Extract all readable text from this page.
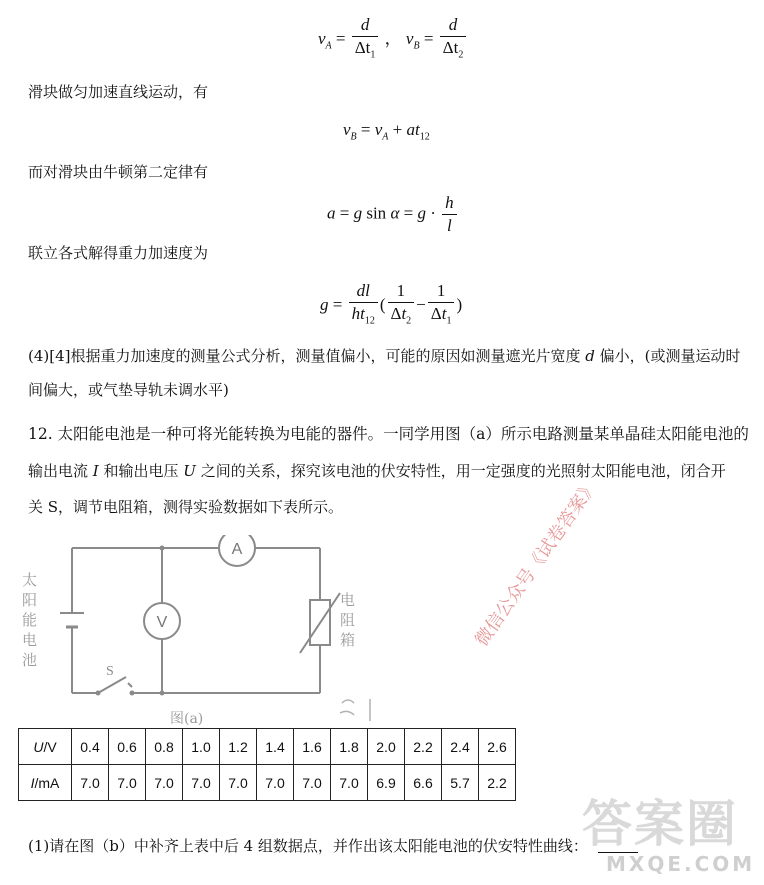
$v_A = \frac{d}{\Delta t_1}$ ， $v_B = \frac{d}{\Delta t_2}$
滑块做匀加速直线运动，有
$v_B = v_A + at_{12}$
而对滑块由牛顿第二定律有
a = g $\sin \alpha = g \cdot \frac{h}{l}$
联立各式解得重力加速度为
$g = \frac{dl}{ht_{12}}$ ( $\frac{1}{\Delta t_2} - \frac{1}{\Delta t_1}$ )
(4)[4]根据重力加速度的测量公式分析，测量值偏小，可能的原因如测量遮光片宽度 d 偏小，(或测量运动时
间偏大，或气垫导轨未调水平)
12. 太阳能电池是一种可将光能转换为电能的器件。一同学用图（a）所示电路测量某单晶硅太阳能电池的
输出电流 I 和输出电压 U 之间的关系，探究该电池的伏安特性，用一定强度的光照射太阳能电池，闭合开
关 S，调节电阻箱，测得实验数据如下表所示。
A
V
太
阳
能
电
池
电
阻
箱
S
图(a)
微信公众号《试卷答案》
U/V	0.4	0.6	0.8	1.0	1.2	1.4	1.6	1.8	2.0	2.2	2.4	2.6
I/mA	7.0	7.0	7.0	7.0	7.0	7.0	7.0	7.0	6.9	6.6	5.7	2.2
(1)请在图（b）中补齐上表中后 4 组数据点，并作出该太阳能电池的伏安特性曲线：
答案圈
MXQE.COM
